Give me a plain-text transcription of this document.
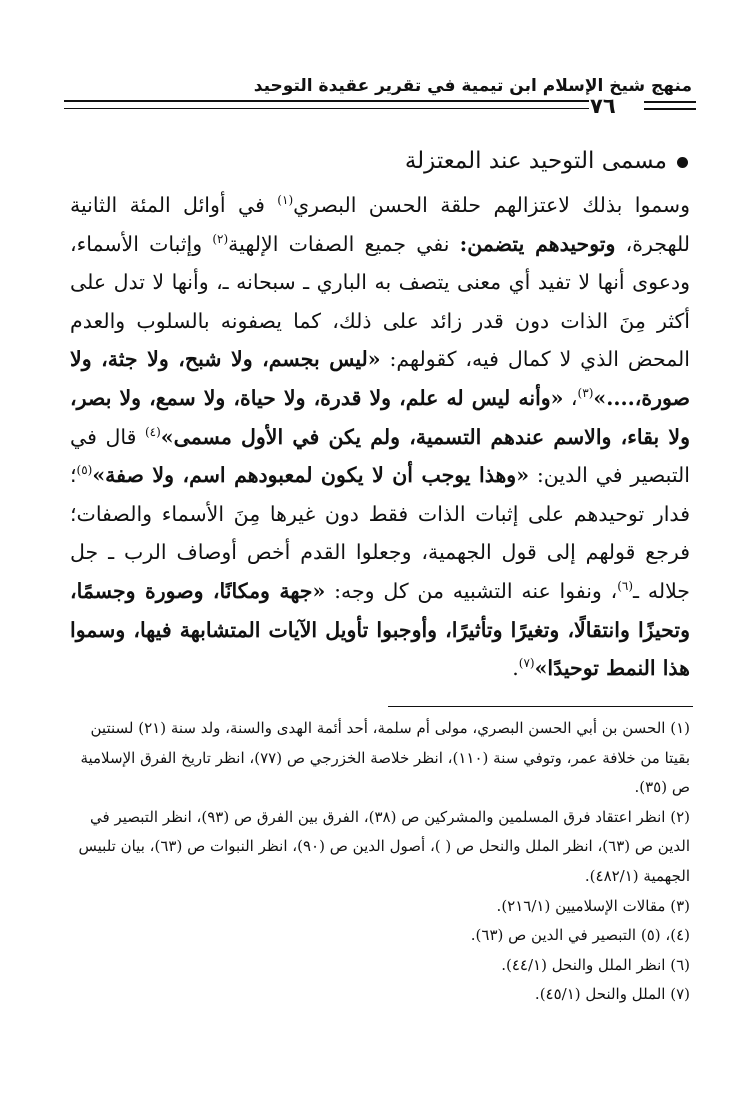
منهج شيخ الإسلام ابن تيمية في تقرير عقيدة التوحيد
٧٦
مسمى التوحيد عند المعتزلة
وسموا بذلك لاعتزالهم حلقة الحسن البصري$^{(١)}$ في أوائل المئة الثانية للهجرة، وتوحيدهم يتضمن: نفي جميع الصفات الإلهية$^{(٢)}$ وإثبات الأسماء، ودعوى أنها لا تفيد أي معنى يتصف به الباري ـ سبحانه ـ، وأنها لا تدل على أكثر مِنَ الذات دون قدر زائد على ذلك، كما يصفونه بالسلوب والعدم المحض الذي لا كمال فيه، كقولهم: «ليس بجسم، ولا شبح، ولا جثة، ولا صورة،....»$^{(٣)}$، «وأنه ليس له علم، ولا قدرة، ولا حياة، ولا سمع، ولا بصر، ولا بقاء، والاسم عندهم التسمية، ولم يكن في الأول مسمى»$^{(٤)}$ قال في التبصير في الدين: «وهذا يوجب أن لا يكون لمعبودهم اسم، ولا صفة»$^{(٥)}$؛ فدار توحيدهم على إثبات الذات فقط دون غيرها مِنَ الأسماء والصفات؛ فرجع قولهم إلى قول الجهمية، وجعلوا القدم أخص أوصاف الرب ـ جل جلاله ـ$^{(٦)}$، ونفوا عنه التشبيه من كل وجه: «جهة ومكانًا، وصورة وجسمًا، وتحيزًا وانتقالًا، وتغيرًا وتأثيرًا، وأوجبوا تأويل الآيات المتشابهة فيها، وسموا هذا النمط توحيدًا»$^{(٧)}$.

(١) الحسن بن أبي الحسن البصري، مولى أم سلمة، أحد أئمة الهدى والسنة، ولد سنة (٢١) لسنتين بقيتا من خلافة عمر، وتوفي سنة (١١٠)، انظر خلاصة الخزرجي ص (٧٧)، انظر تاريخ الفرق الإسلامية ص (٣٥).

(٢) انظر اعتقاد فرق المسلمين والمشركين ص (٣٨)، الفرق بين الفرق ص (٩٣)، انظر التبصير في الدين ص (٦٣)، انظر الملل والنحل ص ( )، أصول الدين ص (٩٠)، انظر النبوات ص (٦٣)، بيان تلبيس الجهمية (٤٨٢/١).

(٣) مقالات الإسلاميين (٢١٦/١).

(٤)، (٥) التبصير في الدين ص (٦٣).

(٦) انظر الملل والنحل (٤٤/١).

(٧) الملل والنحل (٤٥/١).
